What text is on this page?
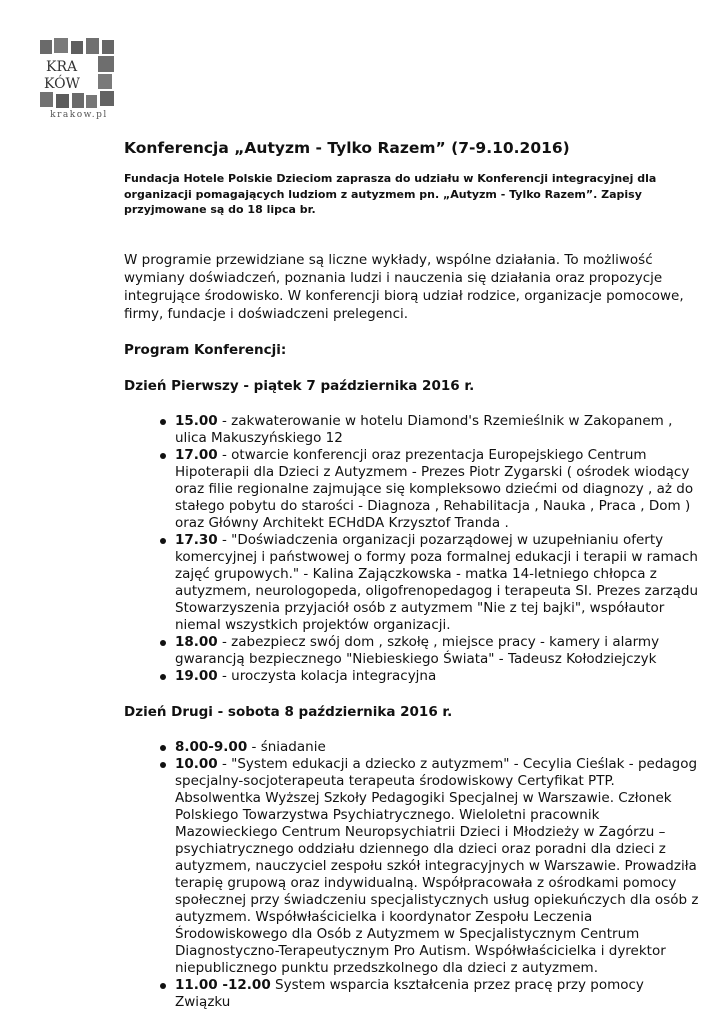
KRA
KÓW
krakow.pl
Konferencja „Autyzm - Tylko Razem” (7-9.10.2016)

Fundacja Hotele Polskie Dzieciom zaprasza do udziału w Konferencji integracyjnej dla organizacji pomagających ludziom z autyzmem pn. „Autyzm - Tylko Razem”. Zapisy przyjmowane są do 18 lipca br.

W programie przewidziane są liczne wykłady, wspólne działania. To możliwość wymiany doświadczeń, poznania ludzi i nauczenia się działania oraz propozycje integrujące środowisko. W konferencji biorą udział rodzice, organizacje pomocowe, firmy, fundacje i doświadczeni prelegenci.

Program Konferencji:
Dzień Pierwszy - piątek 7 października 2016 r.
15.00 - zakwaterowanie w hotelu Diamond's Rzemieślnik w Zakopanem , ulica Makuszyńskiego 12
17.00 - otwarcie konferencji oraz prezentacja Europejskiego Centrum Hipoterapii dla Dzieci z Autyzmem - Prezes Piotr Zygarski ( ośrodek wiodący oraz filie regionalne zajmujące się kompleksowo dziećmi od diagnozy , aż do stałego pobytu do starości - Diagnoza , Rehabilitacja , Nauka , Praca , Dom ) oraz Główny Architekt ECHdDA Krzysztof Tranda .
17.30 - "Doświadczenia organizacji pozarządowej w uzupełnianiu oferty komercyjnej i państwowej o formy poza formalnej edukacji i terapii w ramach zajęć grupowych." - Kalina Zajączkowska - matka 14-letniego chłopca z autyzmem, neurologopeda, oligofrenopedagog i terapeuta SI. Prezes zarządu Stowarzyszenia przyjaciół osób z autyzmem "Nie z tej bajki", współautor niemal wszystkich projektów organizacji.
18.00 - zabezpiecz swój dom , szkołę , miejsce pracy - kamery i alarmy gwarancją bezpiecznego "Niebieskiego Świata" - Tadeusz Kołodziejczyk
19.00 - uroczysta kolacja integracyjna
Dzień Drugi - sobota 8 października 2016 r.
8.00-9.00 - śniadanie
10.00 - "System edukacji a dziecko z autyzmem" - Cecylia Cieślak - pedagog specjalny-socjoterapeuta terapeuta środowiskowy Certyfikat PTP. Absolwentka Wyższej Szkoły Pedagogiki Specjalnej w Warszawie. Członek Polskiego Towarzystwa Psychiatrycznego. Wieloletni pracownik Mazowieckiego Centrum Neuropsychiatrii Dzieci i Młodzieży w Zagórzu – psychiatrycznego oddziału dziennego dla dzieci oraz poradni dla dzieci z autyzmem, nauczyciel zespołu szkół integracyjnych w Warszawie. Prowadziła terapię grupową oraz indywidualną. Współpracowała z ośrodkami pomocy społecznej przy świadczeniu specjalistycznych usług opiekuńczych dla osób z autyzmem. Współwłaścicielka i koordynator Zespołu Leczenia Środowiskowego dla Osób z Autyzmem w Specjalistycznym Centrum Diagnostyczno-Terapeutycznym Pro Autism. Współwłaścicielka i dyrektor niepublicznego punktu przedszkolnego dla dzieci z autyzmem.
11.00 -12.00 System wsparcia kształcenia przez pracę przy pomocy Związku
